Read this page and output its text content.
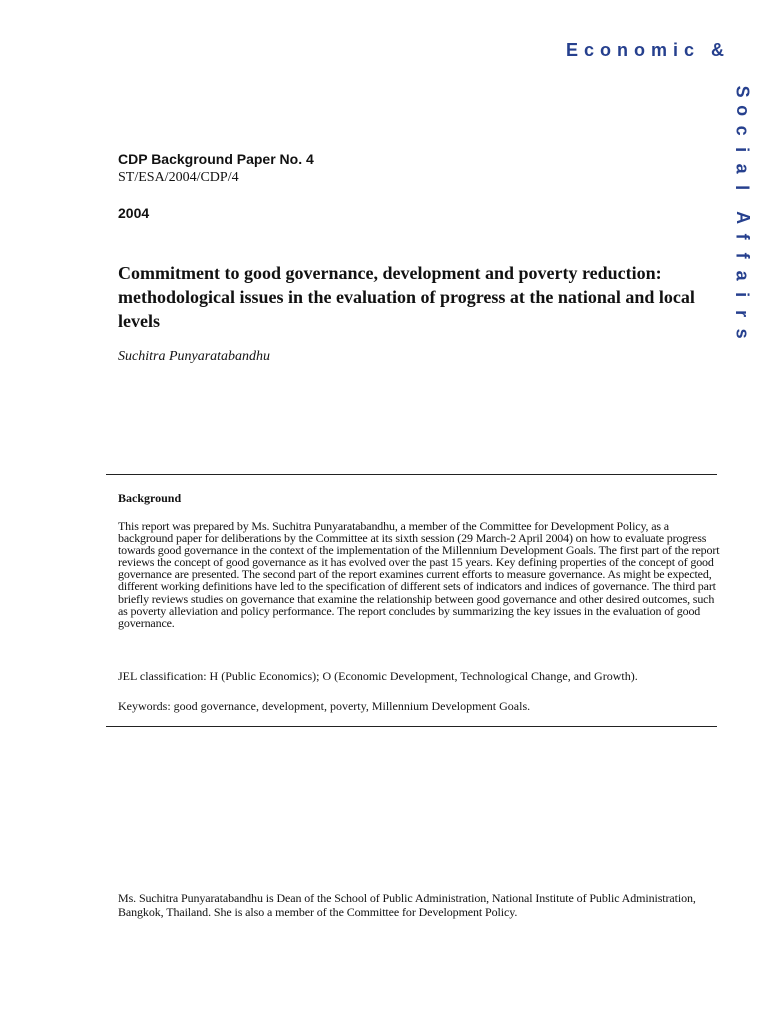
Economic &
S
o
c
i
a
l
A
f
f
a
i
r
s
CDP Background Paper No. 4
ST/ESA/2004/CDP/4
2004
Commitment to good governance, development and poverty reduction: methodological issues in the evaluation of progress at the national and local levels
Suchitra Punyaratabandhu
Background

This report was prepared by Ms. Suchitra Punyaratabandhu, a member of the Committee for Development Policy, as a background paper for deliberations by the Committee at its sixth session (29 March-2 April 2004) on how to evaluate progress towards good governance in the context of the implementation of the Millennium Development Goals. The first part of the report reviews the concept of good governance as it has evolved over the past 15 years. Key defining properties of the concept of good governance are presented. The second part of the report examines current efforts to measure governance. As might be expected, different working definitions have led to the specification of different sets of indicators and indices of governance. The third part briefly reviews studies on governance that examine the relationship between good governance and other desired outcomes, such as poverty alleviation and policy performance. The report concludes by summarizing the key issues in the evaluation of good governance.

JEL classification: H (Public Economics); O (Economic Development, Technological Change, and Growth).

Keywords: good governance, development, poverty, Millennium Development Goals.

Ms. Suchitra Punyaratabandhu is Dean of the School of Public Administration, National Institute of Public Administration, Bangkok, Thailand. She is also a member of the Committee for Development Policy.
